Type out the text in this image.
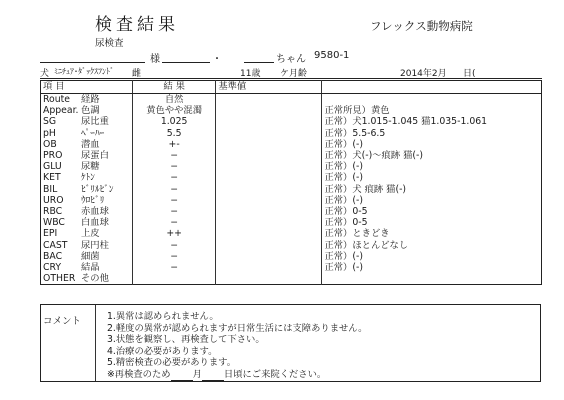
検査結果
尿検査
フレックス動物病院
様	・	ちゃん 9580-1
犬 ﾐﾆﾁｭｱ･ﾀﾞｯｸｽﾌﾝﾄﾞ 雌	11歳 ケ月齢	2014年2月 日(
項 目	結 果	基準値	
Route 経路	自然		
Appear. 色調	黄色やや混濁		正常所見）黄色
SG 尿比重	1.025		正常）犬1.015-1.045 猫1.035-1.061
pH ﾍﾟｰﾊｰ	5.5		正常）5.5-6.5
OB 潜血	+-		正常）(-)
PRO 尿蛋白	−		正常）犬(-)～痕跡 猫(-)
GLU 尿糖	−		正常）(-)
KET ｹﾄﾝ	−		正常）(-)
BIL ﾋﾞﾘﾙﾋﾞﾝ	−		正常）犬 痕跡 猫(-)
URO ｳﾛﾋﾞﾘ	−		正常）(-)
RBC 赤血球	−		正常）0-5
WBC 白血球	−		正常）0-5
EPI 上皮	++		正常）ときどき
CAST 尿円柱	−		正常）ほとんどなし
BAC 細菌	−		正常）(-)
CRY 結晶	−		正常）(-)
OTHER その他			
コメント	1.異常は認められません。
2.軽度の異常が認められますが日常生活には支障ありません。
3.状態を観察し、再検査して下さい。
4.治療の必要があります。
5.精密検査の必要があります。
※再検査のため 月 日頃にご来院ください。
